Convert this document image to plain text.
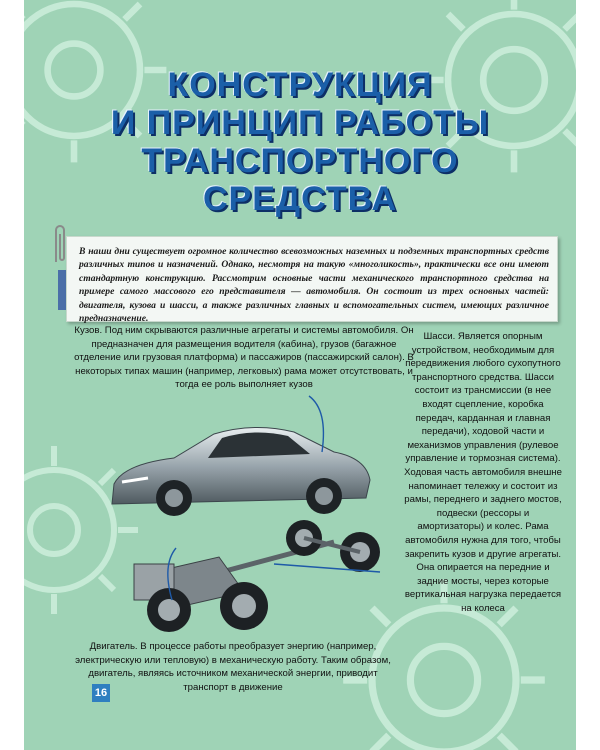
КОНСТРУКЦИЯ
И ПРИНЦИП РАБОТЫ
ТРАНСПОРТНОГО
СРЕДСТВА
В наши дни существует огромное количество всевозможных наземных и подземных транспортных средств различных типов и назначений. Однако, несмотря на такую «многоликость», практически все они имеют стандартную конструкцию. Рассмотрим основные части механического транспортного средства на примере самого массового его представителя — автомобиля. Он состоит из трех основных частей: двигателя, кузова и шасси, а также различных главных и вспомогательных систем, имеющих различное предназначение.
Кузов. Под ним скрываются различные агрегаты и системы автомобиля. Он предназначен для размещения водителя (кабина), грузов (багажное отделение или грузовая платформа) и пассажиров (пассажирский салон). В некоторых типах машин (например, легковых) рама может отсутствовать, и тогда ее роль выполняет кузов
Шасси. Является опорным устройством, необходимым для передвижения любого сухопутного транспортного средства. Шасси состоит из трансмиссии (в нее входят сцепление, коробка передач, карданная и главная передачи), ходовой части и механизмов управления (рулевое управление и тормозная система). Ходовая часть автомобиля внешне напоминает тележку и состоит из рамы, переднего и заднего мостов, подвески (рессоры и амортизаторы) и колес. Рама автомобиля нужна для того, чтобы закрепить кузов и другие агрегаты. Она опирается на передние и задние мосты, через которые вертикальная нагрузка передается на колеса
Двигатель. В процессе работы преобразует энергию (например, электрическую или тепловую) в механическую работу. Таким образом, двигатель, являясь источником механической энергии, приводит транспорт в движение
16
